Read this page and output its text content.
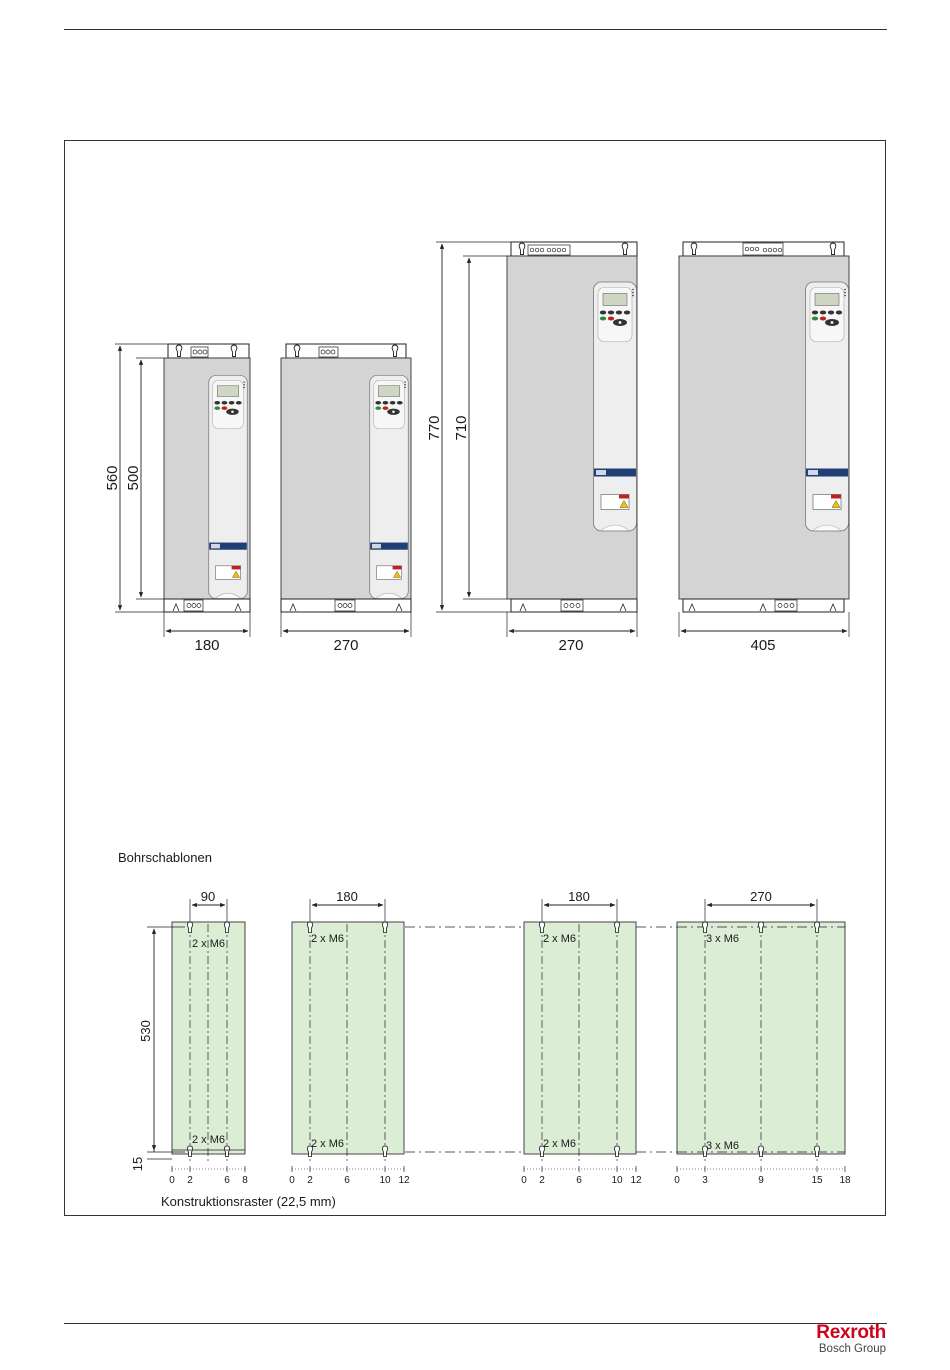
560 500
180	270
770 710
270	405
Bohrschablonen
2 x M6
2 x M6
90
530
15
0 2	6 8
2 x M6
2 x M6
180
0 2	6	10 12
2 x M6
2 x M6
180
0 2	6	10 12
3 x M6
3 x M6
270
0 3	9	15 18
Konstruktionsraster (22,5 mm)
Rexroth
Bosch Group
